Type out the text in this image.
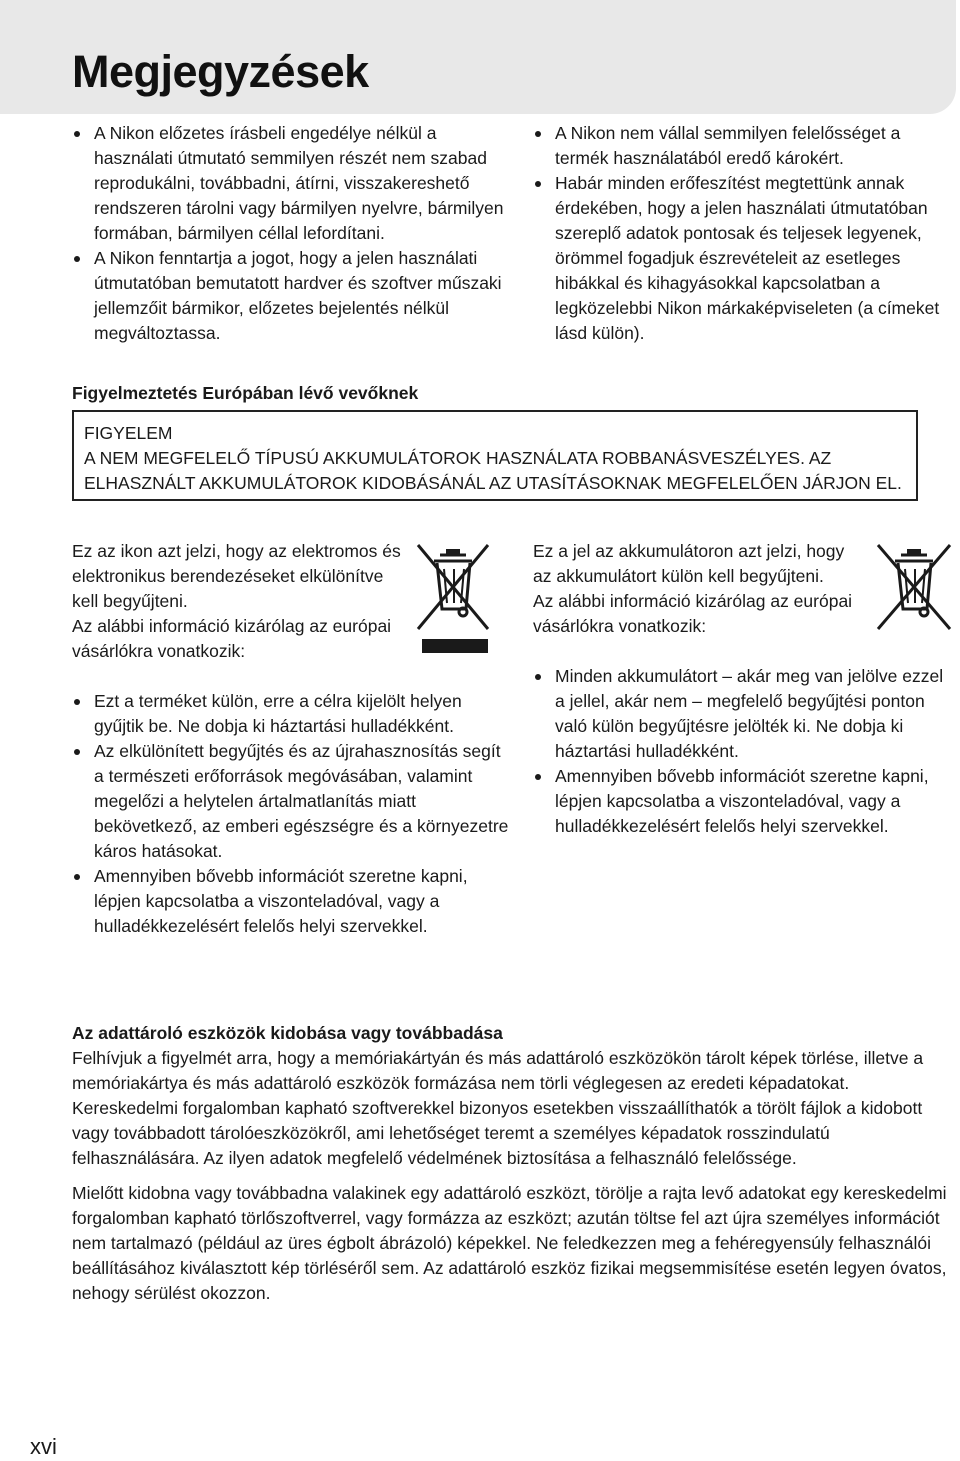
Megjegyzések
A Nikon előzetes írásbeli engedélye nélkül a használati útmutató semmilyen részét nem szabad reprodukálni, továbbadni, átírni, visszakereshető rendszeren tárolni vagy bármilyen nyelvre, bármilyen formában, bármilyen céllal lefordítani.
A Nikon fenntartja a jogot, hogy a jelen használati útmutatóban bemutatott hardver és szoftver műszaki jellemzőit bármikor, előzetes bejelentés nélkül megváltoztassa.
A Nikon nem vállal semmilyen felelősséget a termék használatából eredő károkért.
Habár minden erőfeszítést megtettünk annak érdekében, hogy a jelen használati útmutatóban szereplő adatok pontosak és teljesek legyenek, örömmel fogadjuk észrevételeit az esetleges hibákkal és kihagyásokkal kapcsolatban a legközelebbi Nikon márkaképviseleten (a címeket lásd külön).
Figyelmeztetés Európában lévő vevőknek
FIGYELEM
A NEM MEGFELELŐ TÍPUSÚ AKKUMULÁTOROK HASZNÁLATA ROBBANÁSVESZÉLYES. AZ ELHASZNÁLT AKKUMULÁTOROK KIDOBÁSÁNÁL AZ UTASÍTÁSOKNAK MEGFELELŐEN JÁRJON EL.

Ez az ikon azt jelzi, hogy az elektromos és elektronikus berendezéseket elkülönítve kell begyűjteni.

Az alábbi információ kizárólag az európai vásárlókra vonatkozik:

Ezt a terméket külön, erre a célra kijelölt helyen gyűjtik be. Ne dobja ki háztartási hulladékként.
Az elkülönített begyűjtés és az újrahasznosítás segít a természeti erőforrások megóvásában, valamint megelőzi a helytelen ártalmatlanítás miatt bekövetkező, az emberi egészségre és a környezetre káros hatásokat.
Amennyiben bővebb információt szeretne kapni, lépjen kapcsolatba a viszonteladóval, vagy a hulladékkezelésért felelős helyi szervekkel.

Ez a jel az akkumulátoron azt jelzi, hogy az akkumulátort külön kell begyűjteni.

Az alábbi információ kizárólag az európai vásárlókra vonatkozik:

Minden akkumulátort – akár meg van jelölve ezzel a jellel, akár nem – megfelelő begyűjtési ponton való külön begyűjtésre jelölték ki. Ne dobja ki háztartási hulladékként.
Amennyiben bővebb információt szeretne kapni, lépjen kapcsolatba a viszonteladóval, vagy a hulladékkezelésért felelős helyi szervekkel.
Az adattároló eszközök kidobása vagy továbbadása

Felhívjuk a figyelmét arra, hogy a memóriakártyán és más adattároló eszközökön tárolt képek törlése, illetve a memóriakártya és más adattároló eszközök formázása nem törli véglegesen az eredeti képadatokat. Kereskedelmi forgalomban kapható szoftverekkel bizonyos esetekben visszaállíthatók a törölt fájlok a kidobott vagy továbbadott tárolóeszközökről, ami lehetőséget teremt a személyes képadatok rosszindulatú felhasználására. Az ilyen adatok megfelelő védelmének biztosítása a felhasználó felelőssége.

Mielőtt kidobna vagy továbbadna valakinek egy adattároló eszközt, törölje a rajta levő adatokat egy kereskedelmi forgalomban kapható törlőszoftverrel, vagy formázza az eszközt; azután töltse fel azt újra személyes információt nem tartalmazó (például az üres égbolt ábrázoló) képekkel. Ne feledkezzen meg a fehéregyensúly felhasználói beállításához kiválasztott kép törléséről sem. Az adattároló eszköz fizikai megsemmisítése esetén legyen óvatos, nehogy sérülést okozzon.

xvi
